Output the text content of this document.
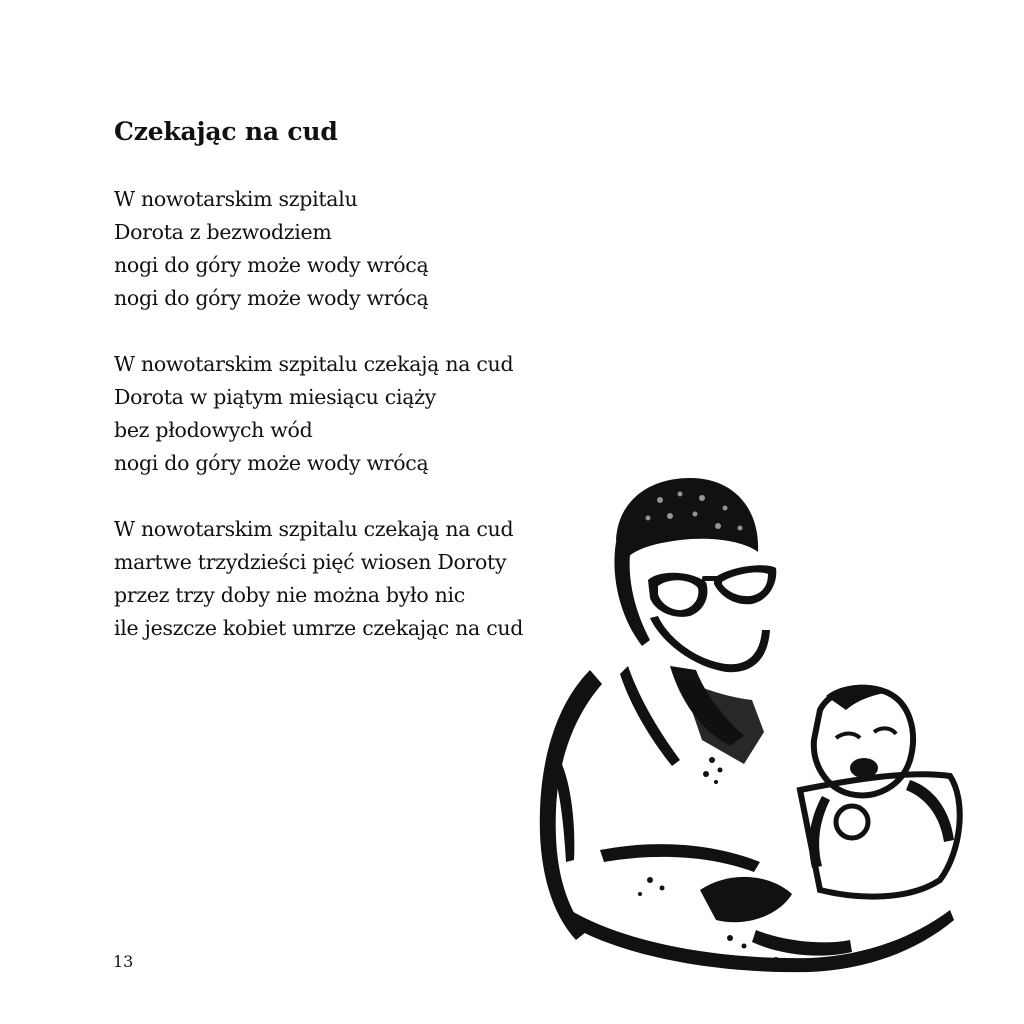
Czekając na cud
W nowotarskim szpitalu
Dorota z bezwodziem
nogi do góry może wody wrócą
nogi do góry może wody wrócą
W nowotarskim szpitalu czekają na cud
Dorota w piątym miesiącu ciąży
bez płodowych wód
nogi do góry może wody wrócą
W nowotarskim szpitalu czekają na cud
martwe trzydzieści pięć wiosen Doroty
przez trzy doby nie można było nic
ile jeszcze kobiet umrze czekając na cud
13
